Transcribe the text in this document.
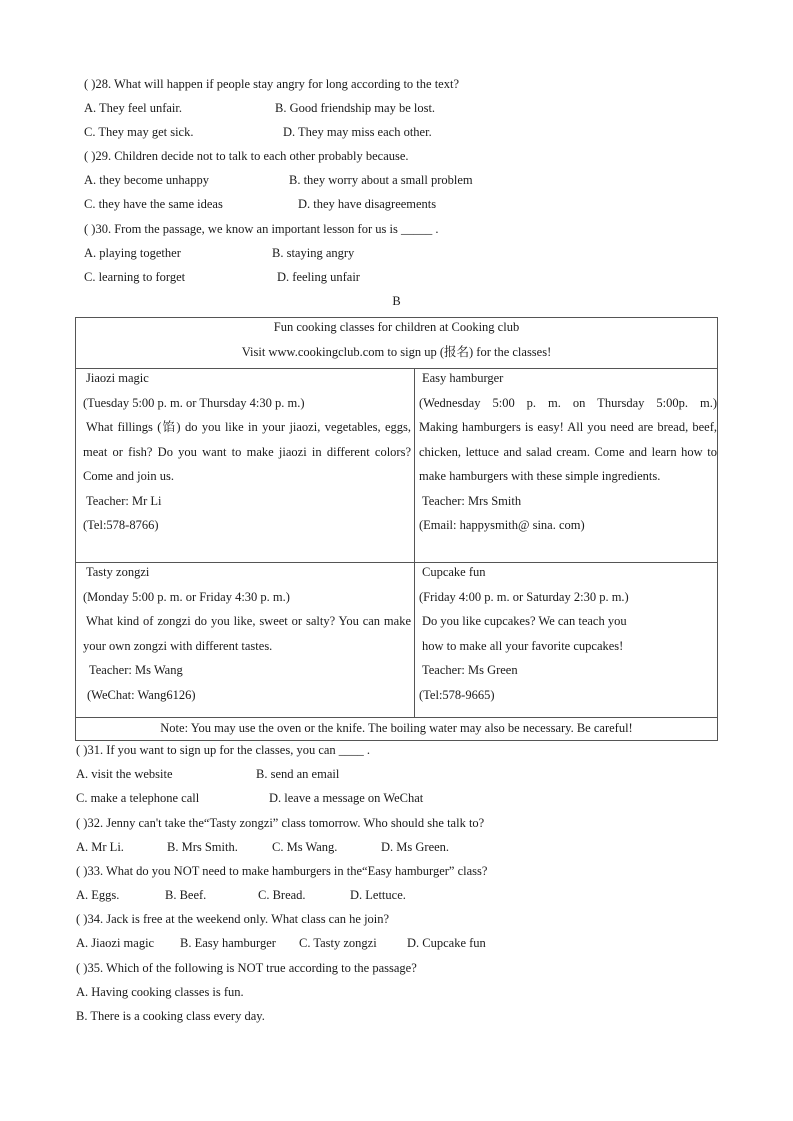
( )28. What will happen if people stay angry for long according to the text?
A. They feel unfair.	B. Good friendship may be lost.
C. They may get sick.	D. They may miss each other.
( )29. Children decide not to talk to each other probably because.
A. they become unhappy	B. they worry about a small problem
C. they have the same ideas	D. they have disagreements
( )30. From the passage, we know an important lesson for us is _____ .
A. playing together	B. staying angry
C. learning to forget	D. feeling unfair
B
Fun cooking classes for children at Cooking club
Visit www.cookingclub.com to sign up (报名) for the classes!
Jiaozi magic
(Tuesday 5:00 p. m. or Thursday 4:30 p. m.)
What fillings (馅) do you like in your jiaozi, vegetables, eggs, meat or fish? Do you want to make jiaozi in different colors? Come and join us.
Teacher: Mr Li
(Tel:578-8766)
Easy hamburger
(Wednesday 5:00 p. m. on Thursday 5:00p. m.)
Making hamburgers is easy! All you need are bread, beef, chicken, lettuce and salad cream. Come and learn how to make hamburgers with these simple ingredients.
Teacher: Mrs Smith
(Email: happysmith@ sina. com)
Tasty zongzi
(Monday 5:00 p. m. or Friday 4:30 p. m.)
What kind of zongzi do you like, sweet or salty? You can make your own zongzi with different tastes.
Teacher: Ms Wang
(WeChat: Wang6126)
Cupcake fun
(Friday 4:00 p. m. or Saturday 2:30 p. m.)
Do you like cupcakes? We can teach you
how to make all your favorite cupcakes!
Teacher: Ms Green
(Tel:578-9665)
Note: You may use the oven or the knife. The boiling water may also be necessary. Be careful!
( )31. If you want to sign up for the classes, you can ____ .
A. visit the website	B. send an email
C. make a telephone call	D. leave a message on WeChat
( )32. Jenny can't take the“Tasty zongzi” class tomorrow. Who should she talk to?
A. Mr Li.	B. Mrs Smith.	C. Ms Wang.	D. Ms Green.
( )33. What do you NOT need to make hamburgers in the“Easy hamburger” class?
A. Eggs.	B. Beef.	C. Bread.	D. Lettuce.
( )34. Jack is free at the weekend only. What class can he join?
A. Jiaozi magic B. Easy hamburger C. Tasty zongzi D. Cupcake fun
( )35. Which of the following is NOT true according to the passage?
A. Having cooking classes is fun.
B. There is a cooking class every day.
